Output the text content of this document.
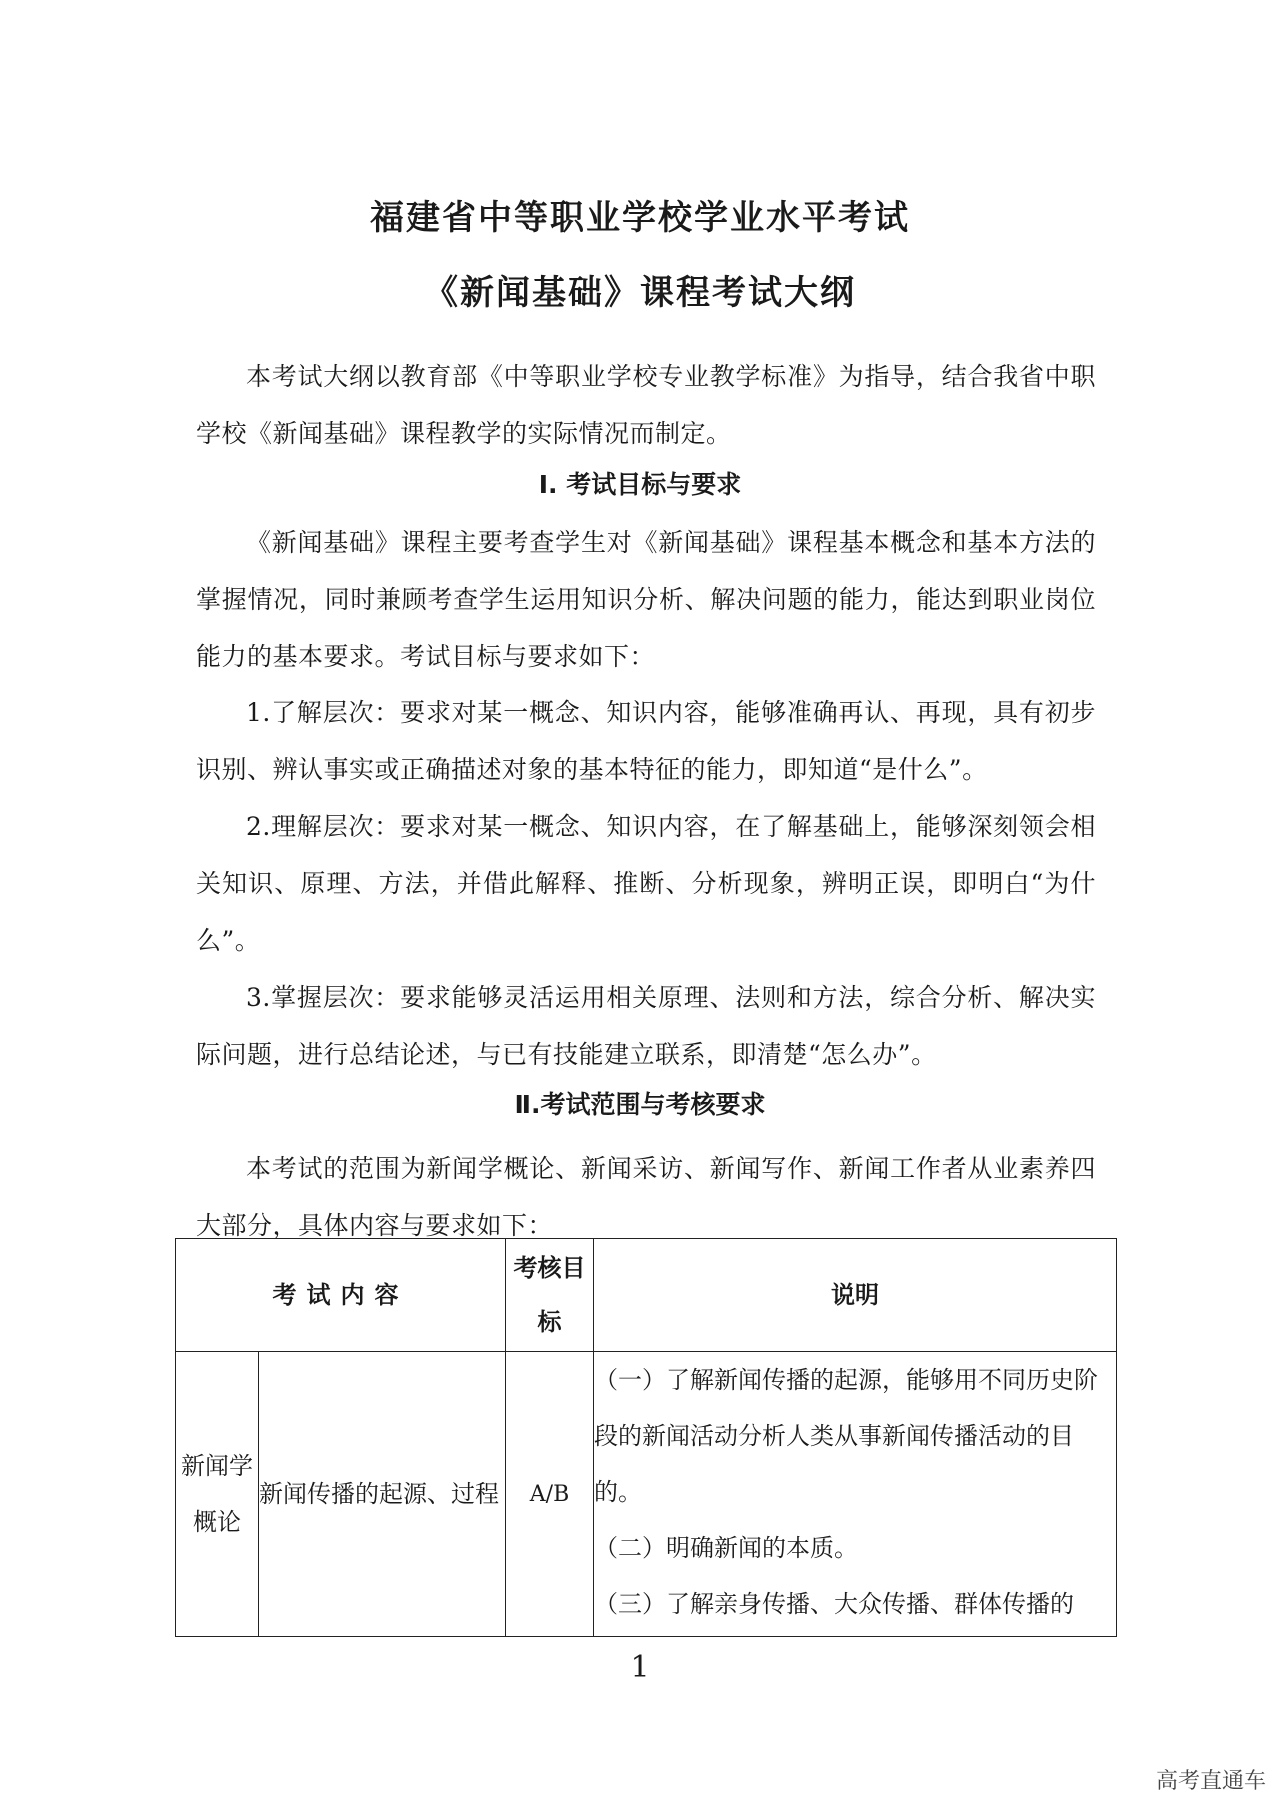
福建省中等职业学校学业水平考试
《新闻基础》课程考试大纲
本考试大纲以教育部《中等职业学校专业教学标准》为指导，结合我省中职学校《新闻基础》课程教学的实际情况而制定。
Ⅰ. 考试目标与要求
《新闻基础》课程主要考查学生对《新闻基础》课程基本概念和基本方法的掌握情况，同时兼顾考查学生运用知识分析、解决问题的能力，能达到职业岗位能力的基本要求。考试目标与要求如下：
1.了解层次：要求对某一概念、知识内容，能够准确再认、再现，具有初步识别、辨认事实或正确描述对象的基本特征的能力，即知道“是什么”。
2.理解层次：要求对某一概念、知识内容，在了解基础上，能够深刻领会相关知识、原理、方法，并借此解释、推断、分析现象，辨明正误，即明白“为什么”。
3.掌握层次：要求能够灵活运用相关原理、法则和方法，综合分析、解决实际问题，进行总结论述，与已有技能建立联系，即清楚“怎么办”。
Ⅱ.考试范围与考核要求
本考试的范围为新闻学概论、新闻采访、新闻写作、新闻工作者从业素养四大部分，具体内容与要求如下：
考试内容		考核目标	说明
新闻学概论	新闻传播的起源、过程	A/B	（一）了解新闻传播的起源，能够用不同历史阶段的新闻活动分析人类从事新闻传播活动的目的。
（二）明确新闻的本质。
（三）了解亲身传播、大众传播、群体传播的
1
高考直通车
